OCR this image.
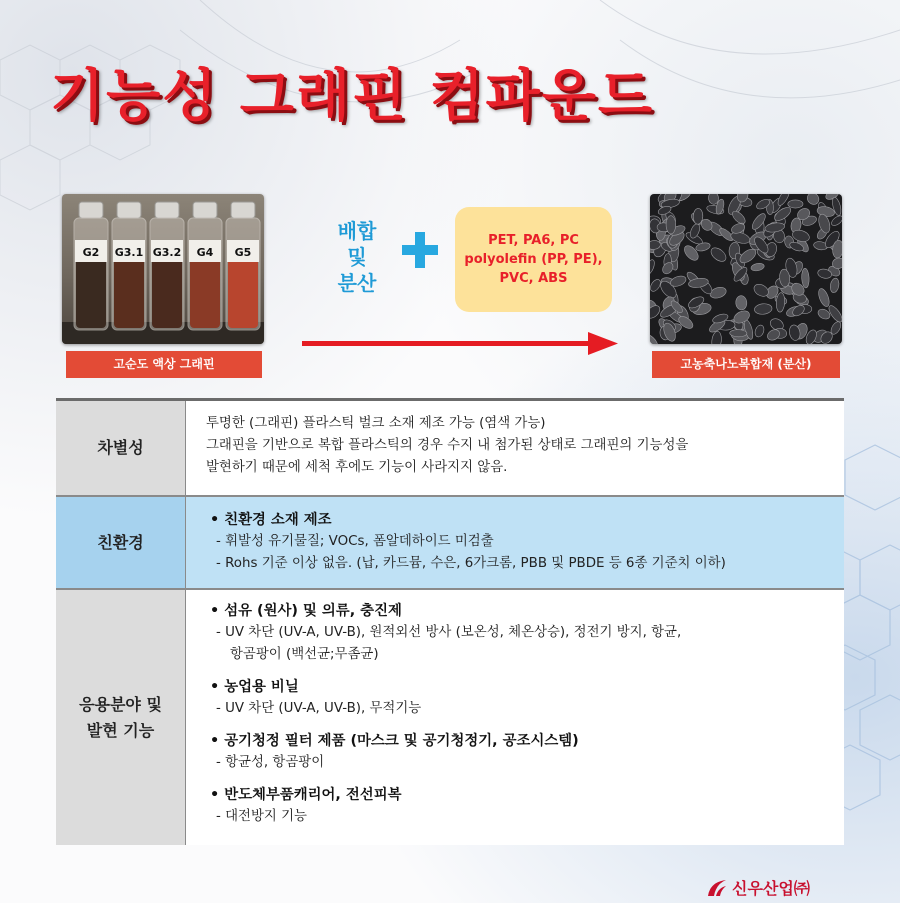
기능성 그래핀 컴파운드
G2 G3.1 G3.2 G4 G5
고순도 액상 그래핀
배합
및
분산
PET, PA6, PC
polyolefin (PP, PE),
PVC, ABS
고농축나노복합재 (분산)
차별성
투명한 (그래핀) 플라스틱 벌크 소재 제조 가능 (염색 가능)
그래핀을 기반으로 복합 플라스틱의 경우 수지 내 첨가된 상태로 그래핀의 기능성을
발현하기 때문에 세척 후에도 기능이 사라지지 않음.
친환경
• 친환경 소재 제조
- 휘발성 유기물질; VOCs, 폼알데하이드 미검출
- Rohs 기준 이상 없음. (납, 카드뮴, 수은, 6가크롬, PBB 및 PBDE 등 6종 기준치 이하)
응용분야 및
발현 기능
• 섬유 (원사) 및 의류, 충진제
- UV 차단 (UV-A, UV-B), 원적외선 방사 (보온성, 체온상승), 정전기 방지, 항균,
항곰팡이 (백선균;무좀균)
• 농업용 비닐
- UV 차단 (UV-A, UV-B), 무적기능
• 공기청정 필터 제품 (마스크 및 공기청정기, 공조시스템)
- 항균성, 항곰팡이
• 반도체부품캐리어, 전선피복
- 대전방지 기능
신우산업㈜
